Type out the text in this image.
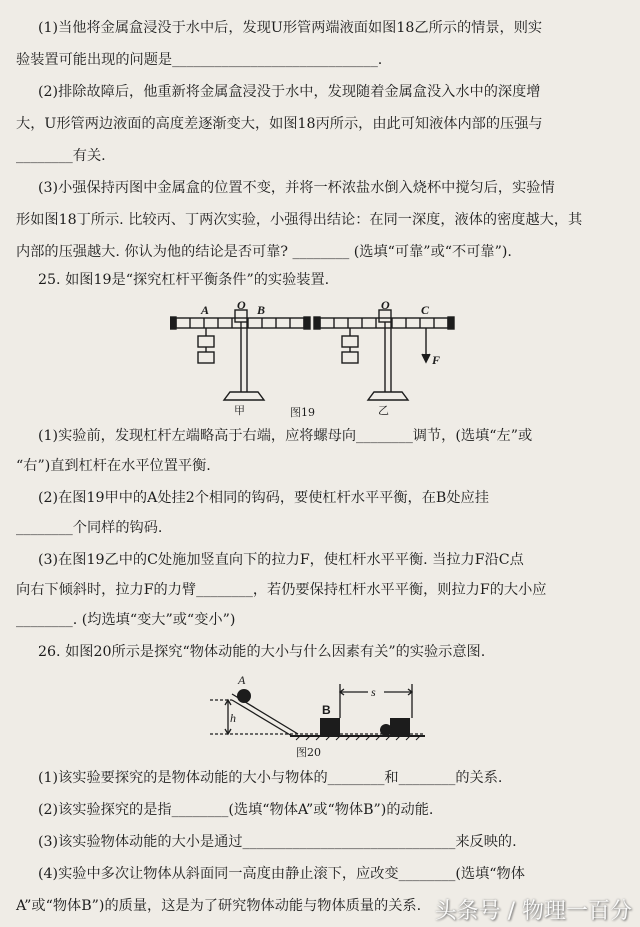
(1)当他将金属盒浸没于水中后，发现U形管两端液面如图18乙所示的情景，则实
验装置可能出现的问题是_____________________________.
(2)排除故障后，他重新将金属盒浸没于水中，发现随着金属盒没入水中的深度增
大，U形管两边液面的高度差逐渐变大，如图18丙所示，由此可知液体内部的压强与
________有关.
(3)小强保持丙图中金属盒的位置不变，并将一杯浓盐水倒入烧杯中搅匀后，实验情
形如图18丁所示. 比较丙、丁两次实验，小强得出结论：在同一深度，液体的密度越大，其
内部的压强越大. 你认为他的结论是否可靠? ________ (选填“可靠”或“不可靠”).
25. 如图19是“探究杠杆平衡条件”的实验装置.
A O B	O	C
F
甲	图19	乙
(1)实验前，发现杠杆左端略高于右端，应将螺母向________调节，(选填“左”或
“右”)直到杠杆在水平位置平衡.
(2)在图19甲中的A处挂2个相同的钩码，要使杠杆水平平衡，在B处应挂
________个同样的钩码.
(3)在图19乙中的C处施加竖直向下的拉力F，使杠杆水平平衡. 当拉力F沿C点
向右下倾斜时，拉力F的力臂________，若仍要保持杠杆水平平衡，则拉力F的大小应
________. (均选填“变大”或“变小”)
26. 如图20所示是探究“物体动能的大小与什么因素有关”的实验示意图.
A
h
s
B
图20
(1)该实验要探究的是物体动能的大小与物体的________和________的关系.
(2)该实验探究的是指________(选填“物体A”或“物体B”)的动能.
(3)该实验物体动能的大小是通过______________________________来反映的.
(4)实验中多次让物体从斜面同一高度由静止滚下，应改变________(选填“物体
A”或“物体B”)的质量，这是为了研究物体动能与物体质量的关系. 头条号 / 物理一百分
